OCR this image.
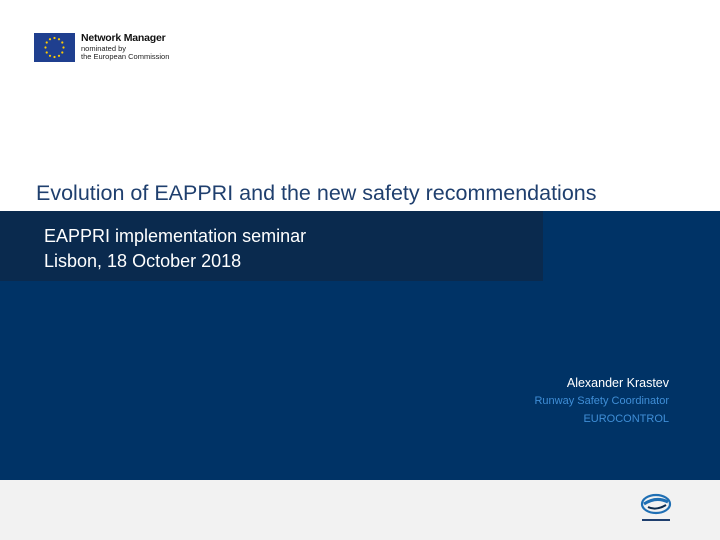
Network Manager
nominated by
the European Commission
Evolution of EAPPRI and the new safety recommendations
EAPPRI implementation seminar
Lisbon, 18 October 2018
Alexander Krastev
Runway Safety Coordinator
EUROCONTROL
